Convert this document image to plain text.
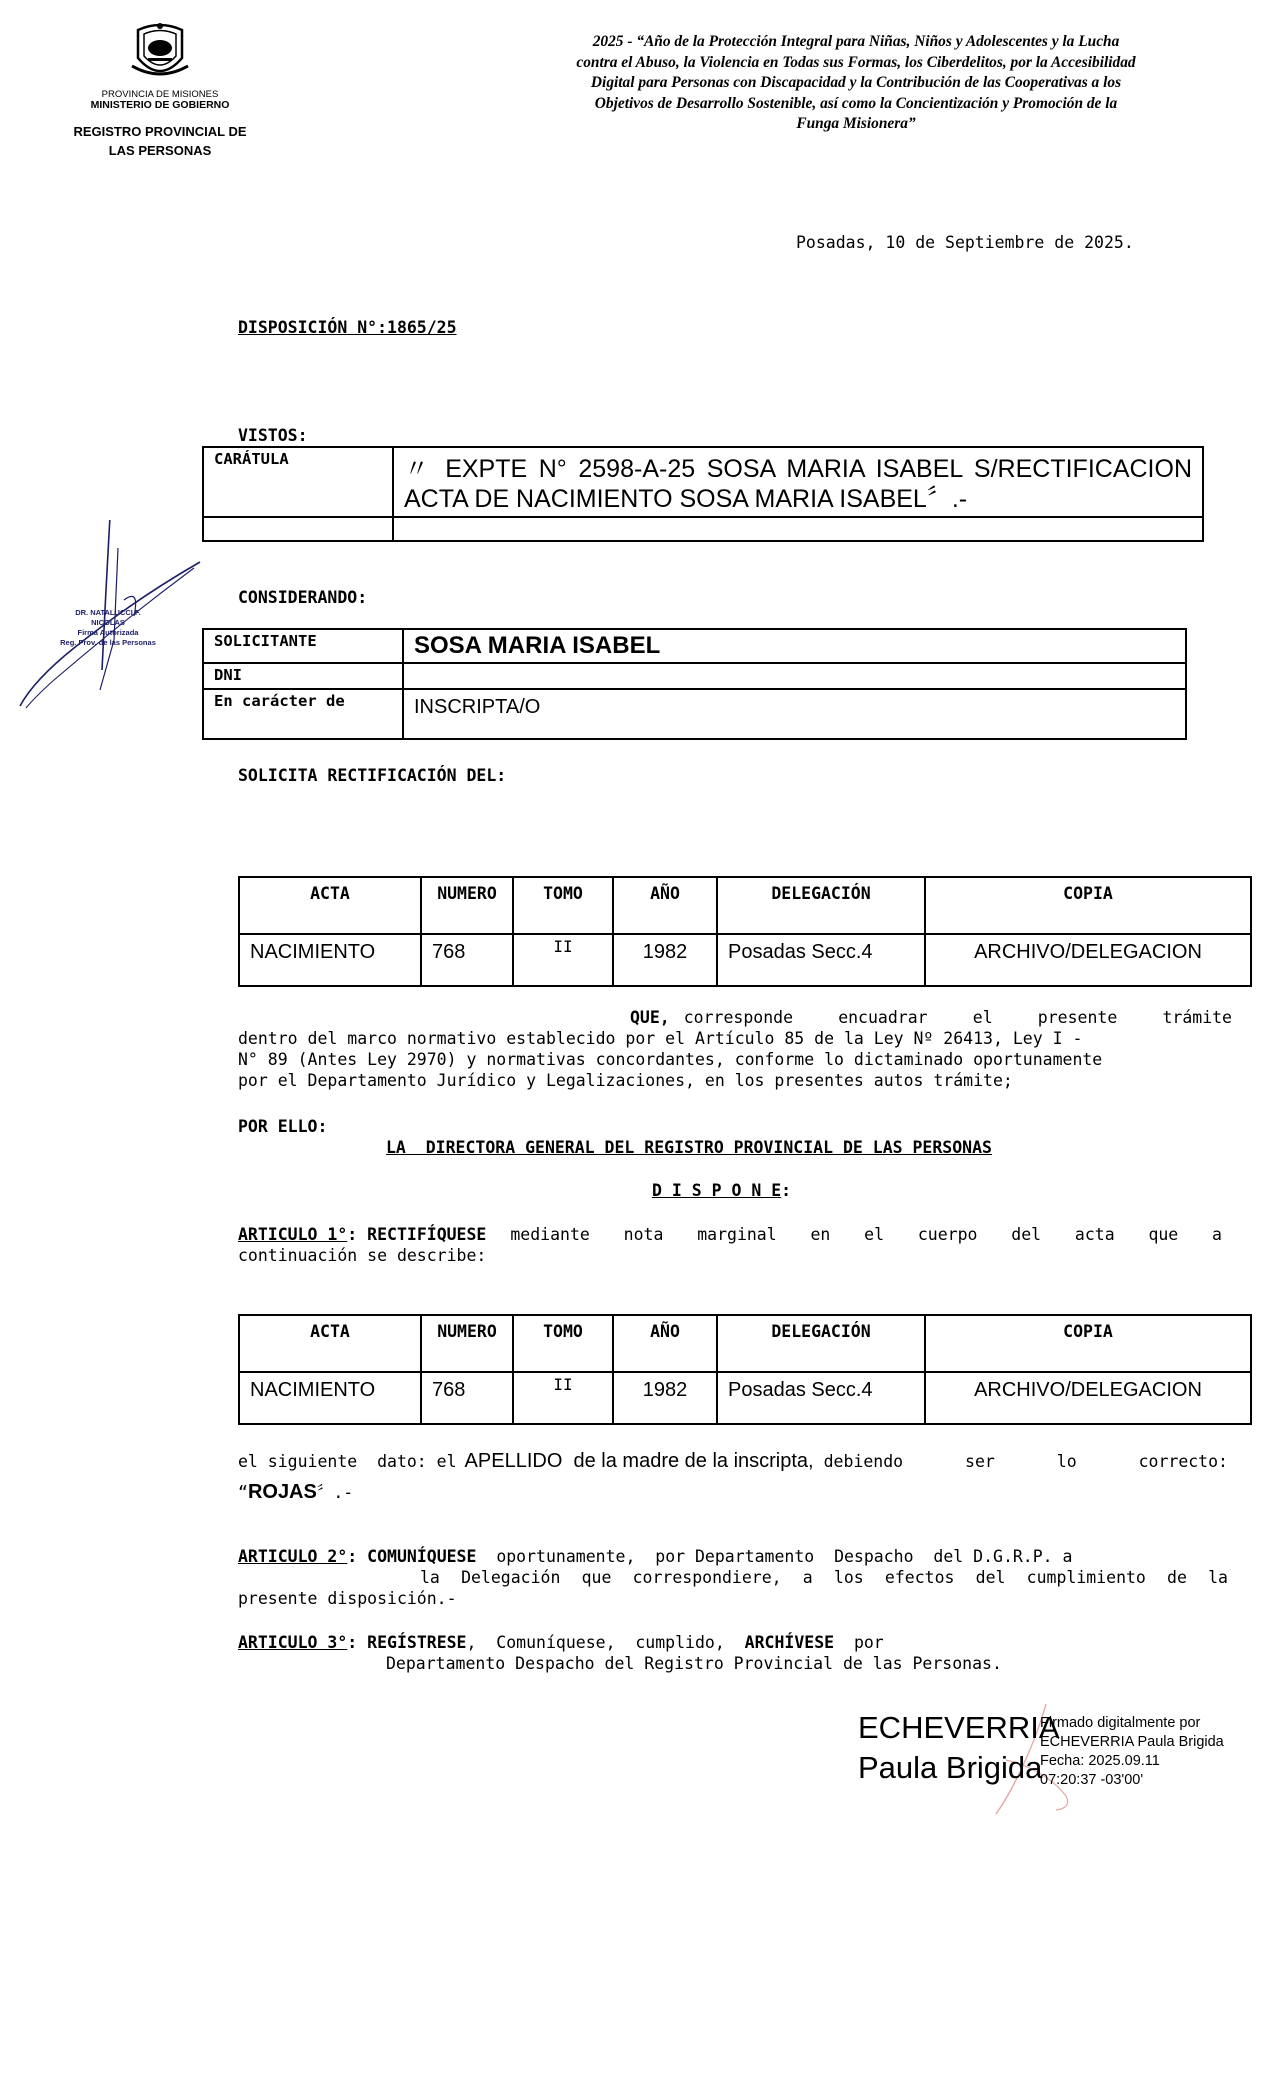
PROVINCIA DE MISIONES
MINISTERIO DE GOBIERNO
REGISTRO PROVINCIAL DE
LAS PERSONAS
2025 - “Año de la Protección Integral para Niñas, Niños y Adolescentes y la Lucha
contra el Abuso, la Violencia en Todas sus Formas, los Ciberdelitos, por la Accesibilidad
Digital para Personas con Discapacidad y la Contribución de las Cooperativas a los
Objetivos de Desarrollo Sostenible, así como la Concientización y Promoción de la
Funga Misionera”
Posadas, 10 de Septiembre de 2025.
DISPOSICIÓN N°:1865/25
VISTOS:
CARÁTULA	〃 EXPTE N° 2598-A-25 SOSA MARIA ISABEL S/RECTIFICACION ACTA DE NACIMIENTO SOSA MARIA ISABEL〞.-

CONSIDERANDO:
SOLICITANTE	SOSA MARIA ISABEL
DNI	
En carácter de	INSCRIPTA/O
SOLICITA RECTIFICACIÓN DEL:
ACTA	NUMERO	TOMO	AÑO	DELEGACIÓN	COPIA
NACIMIENTO	768	II	1982	Posadas Secc.4	ARCHIVO/DELEGACION
QUE, corresponde encuadrar el presente trámite
dentro del marco normativo establecido por el Artículo 85 de la Ley Nº 26413, Ley I -
N° 89 (Antes Ley 2970) y normativas concordantes, conforme lo dictaminado oportunamente
por el Departamento Jurídico y Legalizaciones, en los presentes autos trámite;
POR ELLO:
LA  DIRECTORA GENERAL DEL REGISTRO PROVINCIAL DE LAS PERSONAS
D I S P O N E:
ARTICULO 1°: RECTIFÍQUESE mediante nota marginal en el cuerpo del acta que a
continuación se describe:
ACTA	NUMERO	TOMO	AÑO	DELEGACIÓN	COPIA
NACIMIENTO	768	II	1982	Posadas Secc.4	ARCHIVO/DELEGACION
el siguiente  dato: el APELLIDO  de la madre de la inscripta, debiendo ser lo correcto:
“ROJAS〞.-
ARTICULO 2°: COMUNÍQUESE oportunamente,  por Departamento  Despacho  del D.G.R.P. a
la Delegación que correspondiere, a los efectos del cumplimiento de la
presente disposición.-
ARTICULO 3°: REGÍSTRESE,  Comuníquese,  cumplido, ARCHÍVESE por
Departamento Despacho del Registro Provincial de las Personas.
DR. NATALUCCI F. NICOLAS
Firma Autorizada
Reg. Prov. de las Personas
ECHEVERRIA
Paula Brigida
Firmado digitalmente por
ECHEVERRIA Paula Brigida
Fecha: 2025.09.11
07:20:37 -03'00'
